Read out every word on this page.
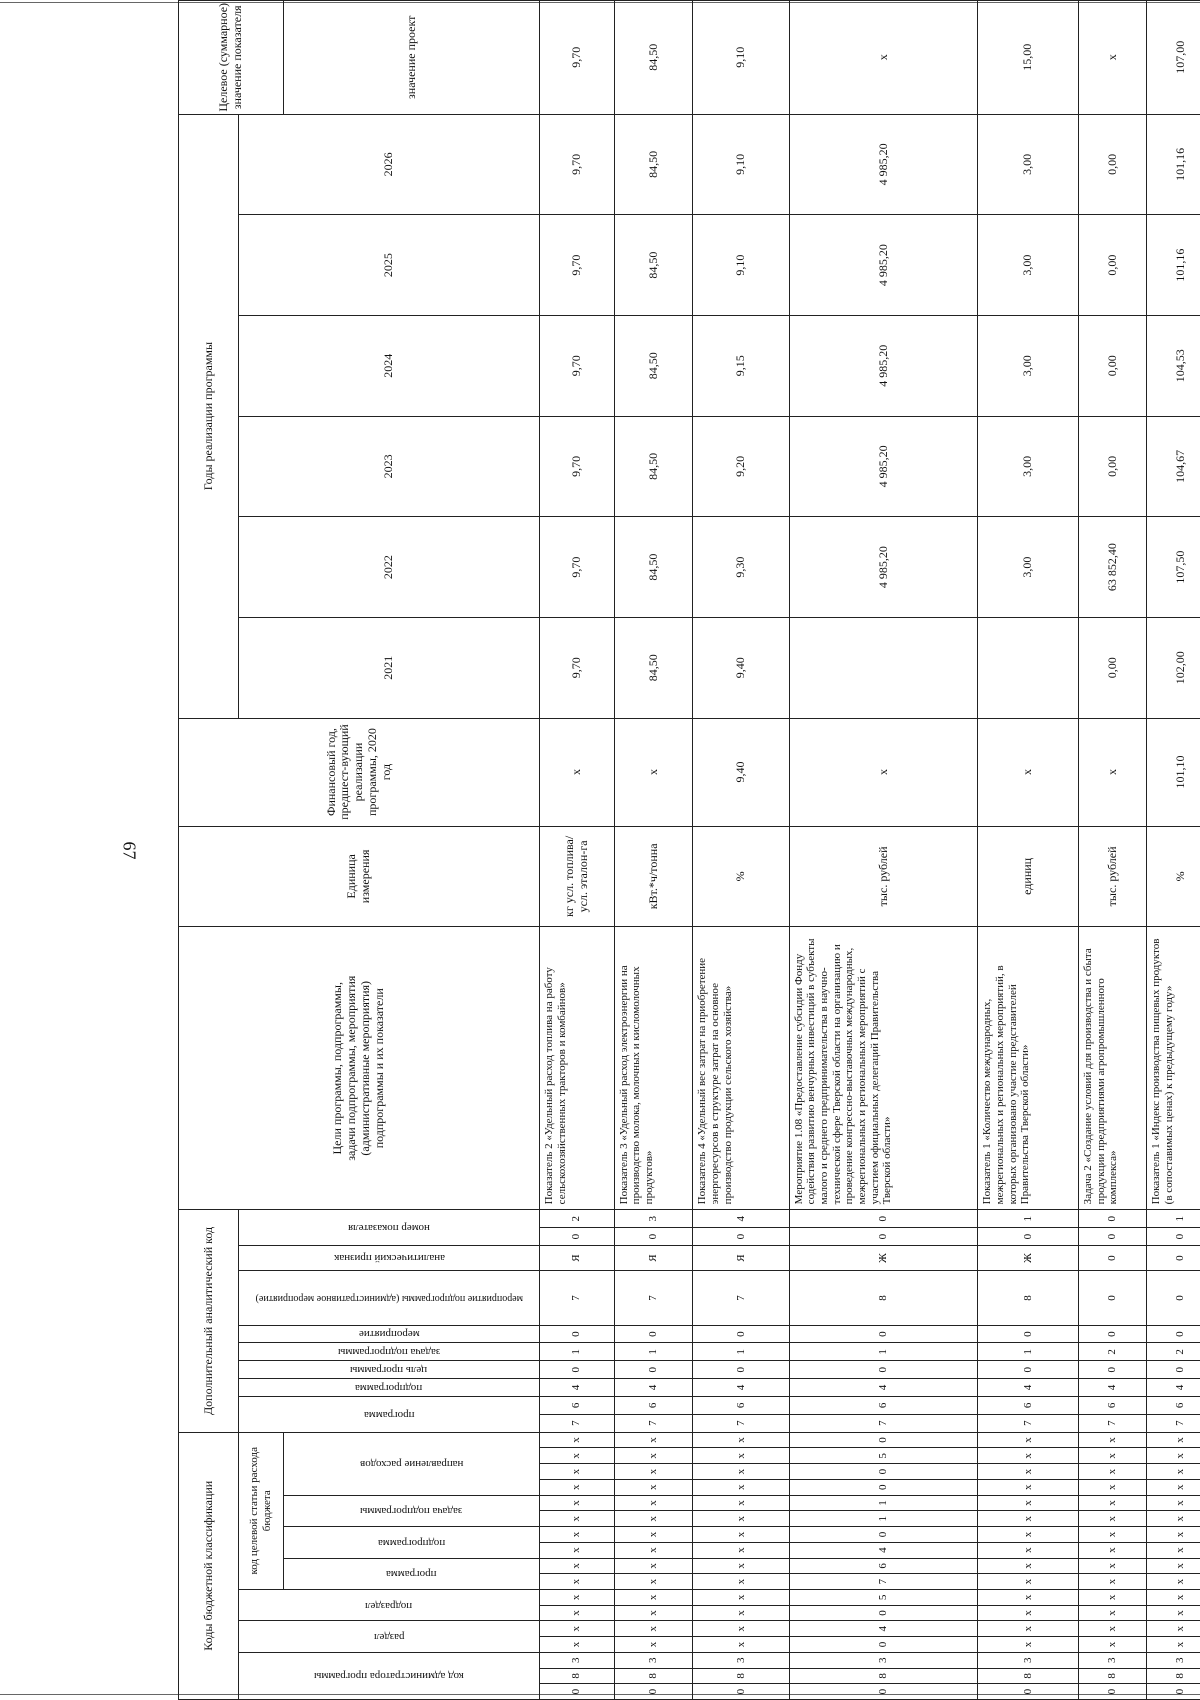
67
Коды бюджетной классификации																	Дополнительный аналитический код										Цели программы, подпрограммы, задачи подпрограммы, мероприятия (административные мероприятия) подпрограммы и их показатели	Единица измерения	Финансовый год, предшест-вующий реализации программы, 2020 год	Годы реализации программы						Целевое (суммарное) значение показателя

код администратора программы			раздел		подраздел		код целевой статьи расхода бюджета										программа		подпрограмма	цель программы	задача подпрограммы	мероприятие	мероприятие подпрограммы (административное мероприятие)	аналитический признак	номер показателя					2021	2022	2023	2024	2025	2026	

							программа		подпрограмма		задача подпрограммы		направление расходов																							значение проект
0	8	3	х	х	х	х	х	х	х	х	х	х	х	х	х	х	7	6	4	0	1	0	7	Я	0	2	Показатель 2 «Удельный расход топлива на работу сельскохозяйственных тракторов и комбайнов»	кг усл. топлива/усл. эталон-га	х	9,70	9,70	9,70	9,70	9,70	9,70	9,70
0	8	3	х	х	х	х	х	х	х	х	х	х	х	х	х	х	7	6	4	0	1	0	7	Я	0	3	Показатель 3 «Удельный расход электроэнергии на производство молока, молочных и кисломолочных продуктов»	кВт.*ч/тонна	х	84,50	84,50	84,50	84,50	84,50	84,50	84,50
0	8	3	х	х	х	х	х	х	х	х	х	х	х	х	х	х	7	6	4	0	1	0	7	Я	0	4	Показатель 4 «Удельный вес затрат на приобретение энергоресурсов в структуре затрат на основное производство продукции сельского хозяйства»	%	9,40	9,40	9,30	9,20	9,15	9,10	9,10	9,10
0	8	3	0	4	0	5	7	6	4	0	1	1	0	0	5	0	7	6	4	0	1	0	8	Ж	0	0	Мероприятие 1.08 «Предоставление субсидии Фонду содействия развитию венчурных инвестиций в субъекты малого и среднего предпринимательства в научно-технической сфере Тверской области на организацию и проведение конгрессно-выставочных международных, межрегиональных и региональных мероприятий с участием официальных делегаций Правительства Тверской области»	тыс. рублей	х		4 985,20	4 985,20	4 985,20	4 985,20	4 985,20	х
0	8	3	х	х	х	х	х	х	х	х	х	х	х	х	х	х	7	6	4	0	1	0	8	Ж	0	1	Показатель 1 «Количество международных, межрегиональных и региональных мероприятий, в которых организовано участие представителей Правительства Тверской области»	единиц	х		3,00	3,00	3,00	3,00	3,00	15,00
0	8	3	х	х	х	х	х	х	х	х	х	х	х	х	х	х	7	6	4	0	2	0	0	0	0	0	Задача 2 «Создание условий для производства и сбыта продукции предприятиями агропромышленного комплекса»	тыс. рублей	х	0,00	63 852,40	0,00	0,00	0,00	0,00	х
0	8	3	х	х	х	х	х	х	х	х	х	х	х	х	х	х	7	6	4	0	2	0	0	0	0	1	Показатель 1 «Индекс производства пищевых продуктов (в сопоставимых ценах) к предыдущему году»	%	101,10	102,00	107,50	104,67	104,53	101,16	101,16	107,00
